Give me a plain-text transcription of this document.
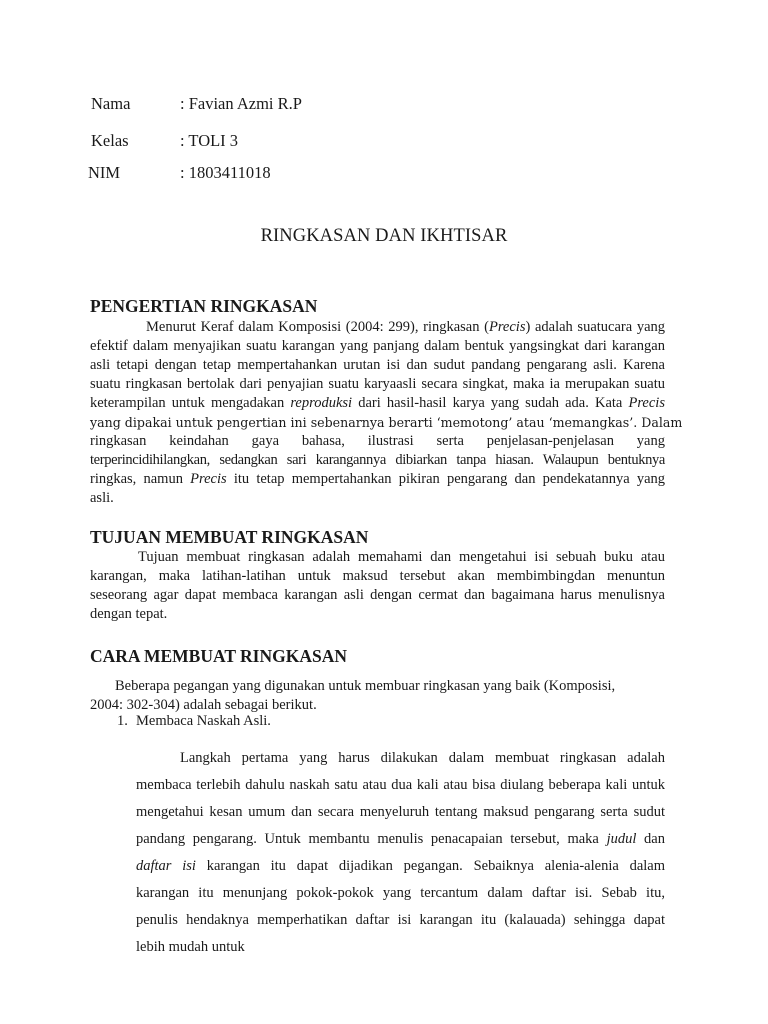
Nama	: Favian Azmi R.P
Kelas	: TOLI 3
NIM	: 1803411018
RINGKASAN DAN IKHTISAR
PENGERTIAN RINGKASAN
Menurut Keraf dalam Komposisi (2004: 299), ringkasan (Precis) adalah suatucara yang
efektif dalam menyajikan suatu karangan yang panjang dalam bentuk yangsingkat dari karangan
asli tetapi dengan tetap mempertahankan urutan isi dan sudut pandang pengarang asli. Karena
suatu ringkasan bertolak dari penyajian suatu karyaasli secara singkat, maka ia merupakan suatu
keterampilan untuk mengadakan reproduksi dari hasil-hasil karya yang sudah ada. Kata Precis
yang dipakai untuk pengertian ini sebenarnya berarti ‘memotong’ atau ‘memangkas’. Dalam
ringkasan keindahan gaya bahasa, ilustrasi serta penjelasan-penjelasan yang
terperincidihilangkan, sedangkan sari karangannya dibiarkan tanpa hiasan. Walaupun bentuknya
ringkas, namun Precis itu tetap mempertahankan pikiran pengarang dan pendekatannya yang
asli.
TUJUAN MEMBUAT RINGKASAN
Tujuan membuat ringkasan adalah memahami dan mengetahui isi sebuah buku atau
karangan, maka latihan-latihan untuk maksud tersebut akan membimbingdan menuntun
seseorang agar dapat membaca karangan asli dengan cermat dan bagaimana harus menulisnya
dengan tepat.
CARA MEMBUAT RINGKASAN
Beberapa pegangan yang digunakan untuk membuar ringkasan yang baik (Komposisi,
2004: 302-304) adalah sebagai berikut.
1. Membaca Naskah Asli.
Langkah pertama yang harus dilakukan dalam membuat ringkasan adalah
membaca terlebih dahulu naskah satu atau dua kali atau bisa diulang beberapa kali untuk
mengetahui kesan umum dan secara menyeluruh tentang maksud pengarang serta sudut
pandang pengarang. Untuk membantu menulis penacapaian tersebut, maka judul dan
daftar isi karangan itu dapat dijadikan pegangan. Sebaiknya alenia-alenia dalam
karangan itu menunjang pokok-pokok yang tercantum dalam daftar isi. Sebab itu,
penulis hendaknya memperhatikan daftar isi karangan itu (kalauada) sehingga dapat
lebih mudah untuk
